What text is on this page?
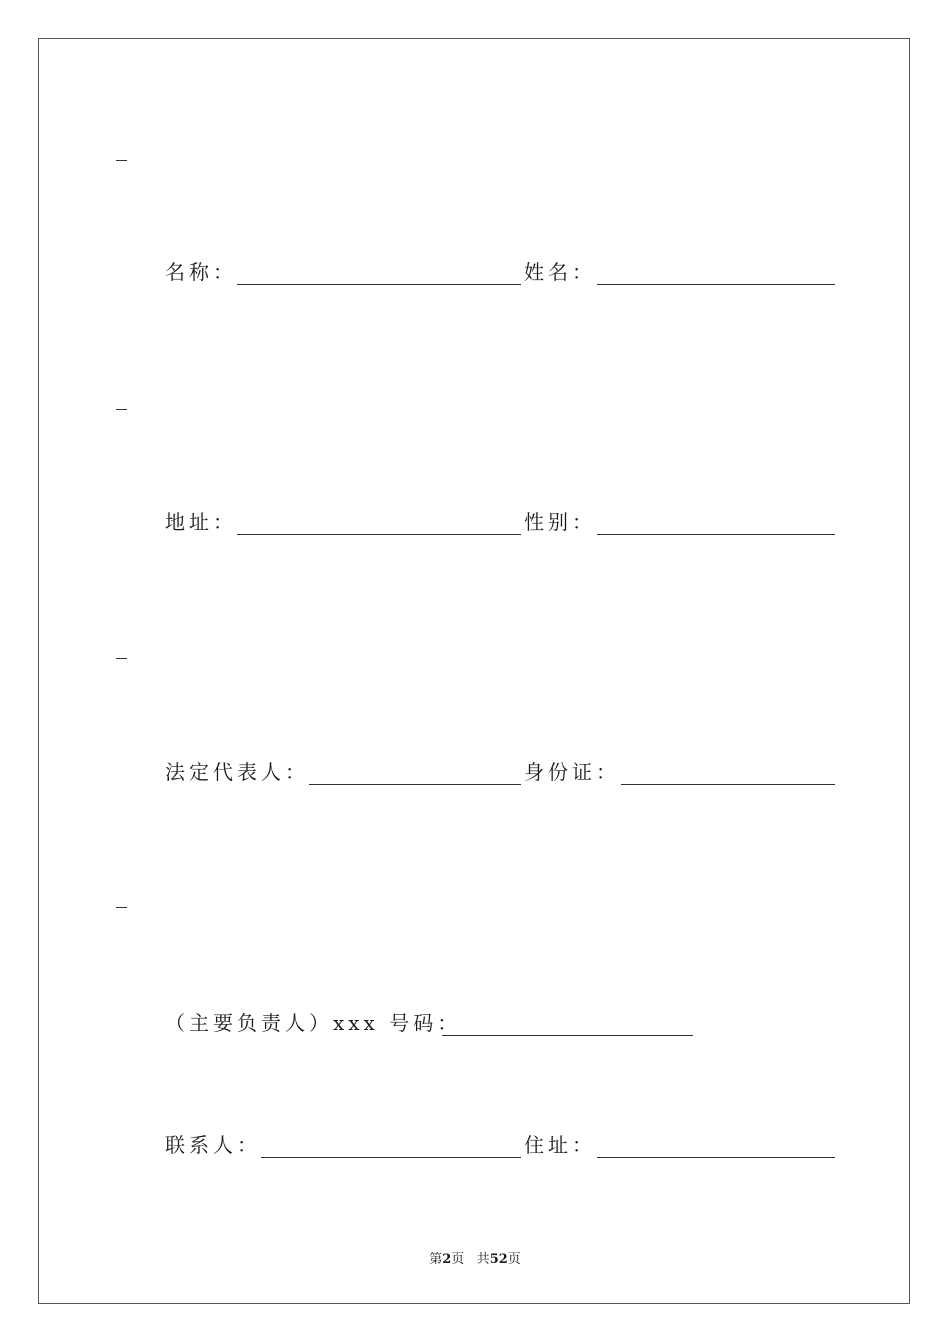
名称：	姓名：
地址：	性别：
法定代表人：	身份证：
（主要负责人）xxx 号码：
联系人：	住址：
第2页 共52页
